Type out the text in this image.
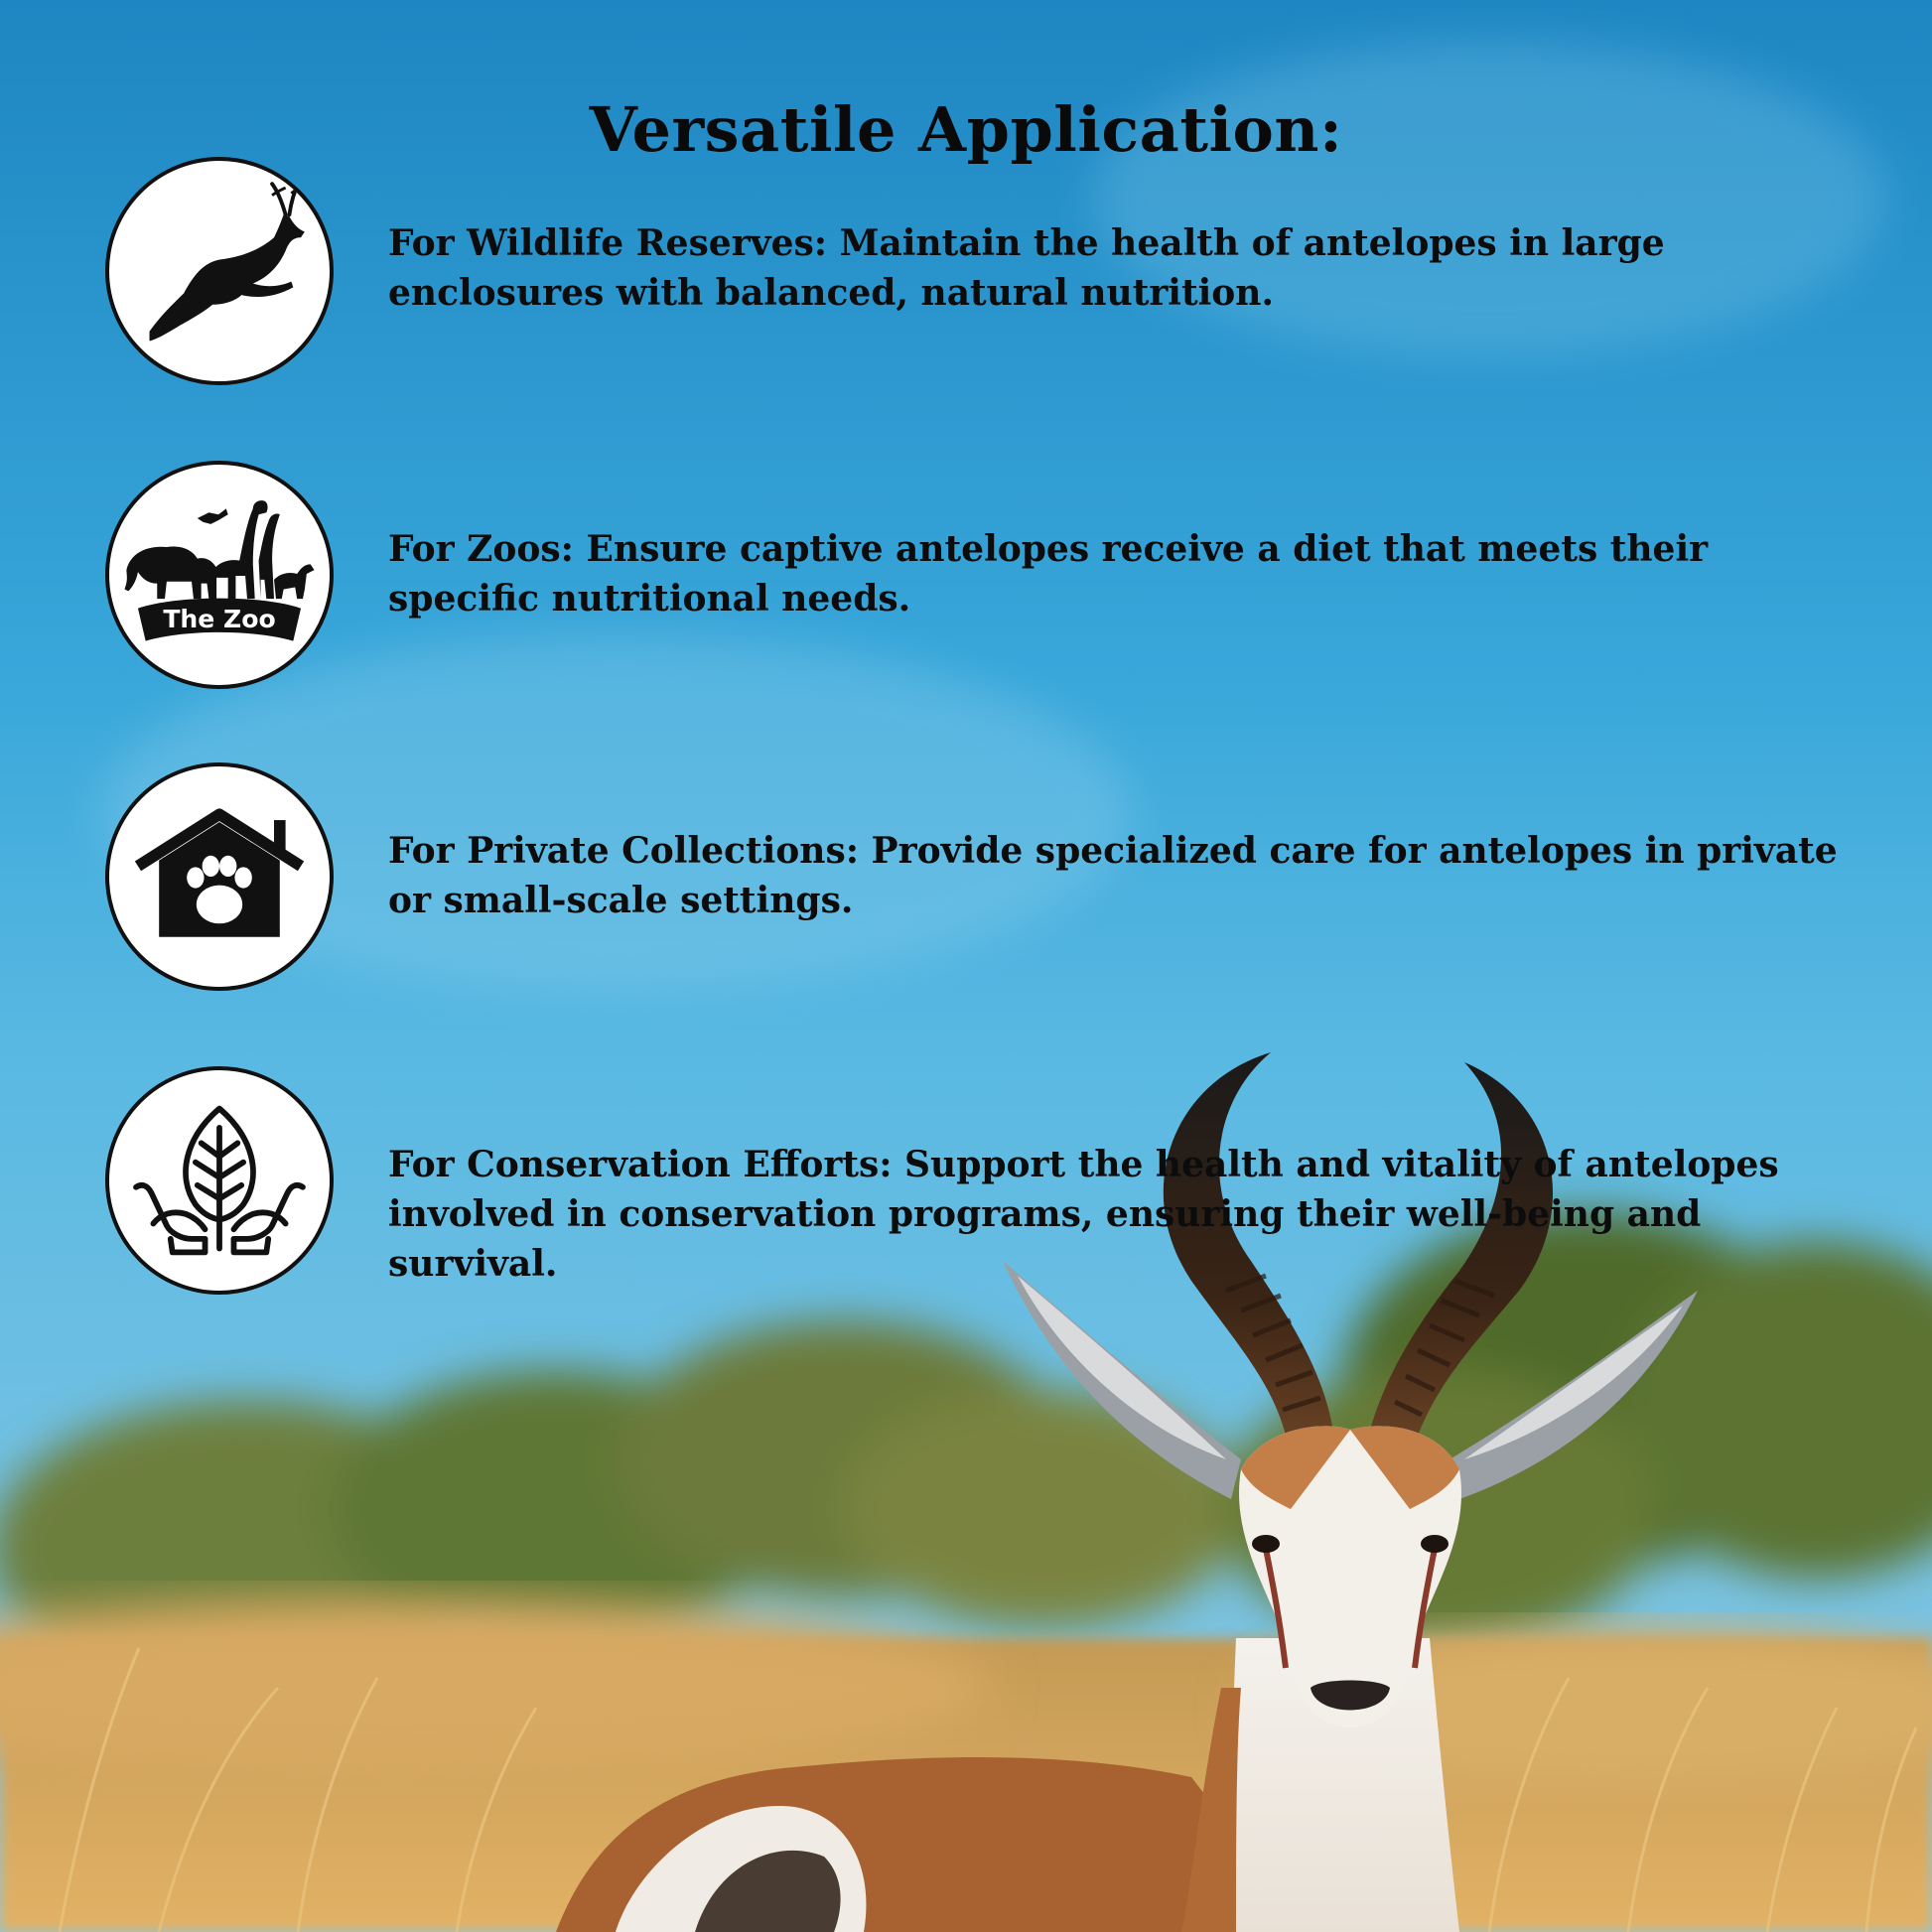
Versatile Application:
For Wildlife Reserves: Maintain the health of antelopes in large enclosures with balanced, natural nutrition.
The Zoo
For Zoos: Ensure captive antelopes receive a diet that meets their specific nutritional needs.
For Private Collections: Provide specialized care for antelopes in private or small-scale settings.
For Conservation Efforts: Support the health and vitality of antelopes involved in conservation programs, ensuring their well-being and survival.
